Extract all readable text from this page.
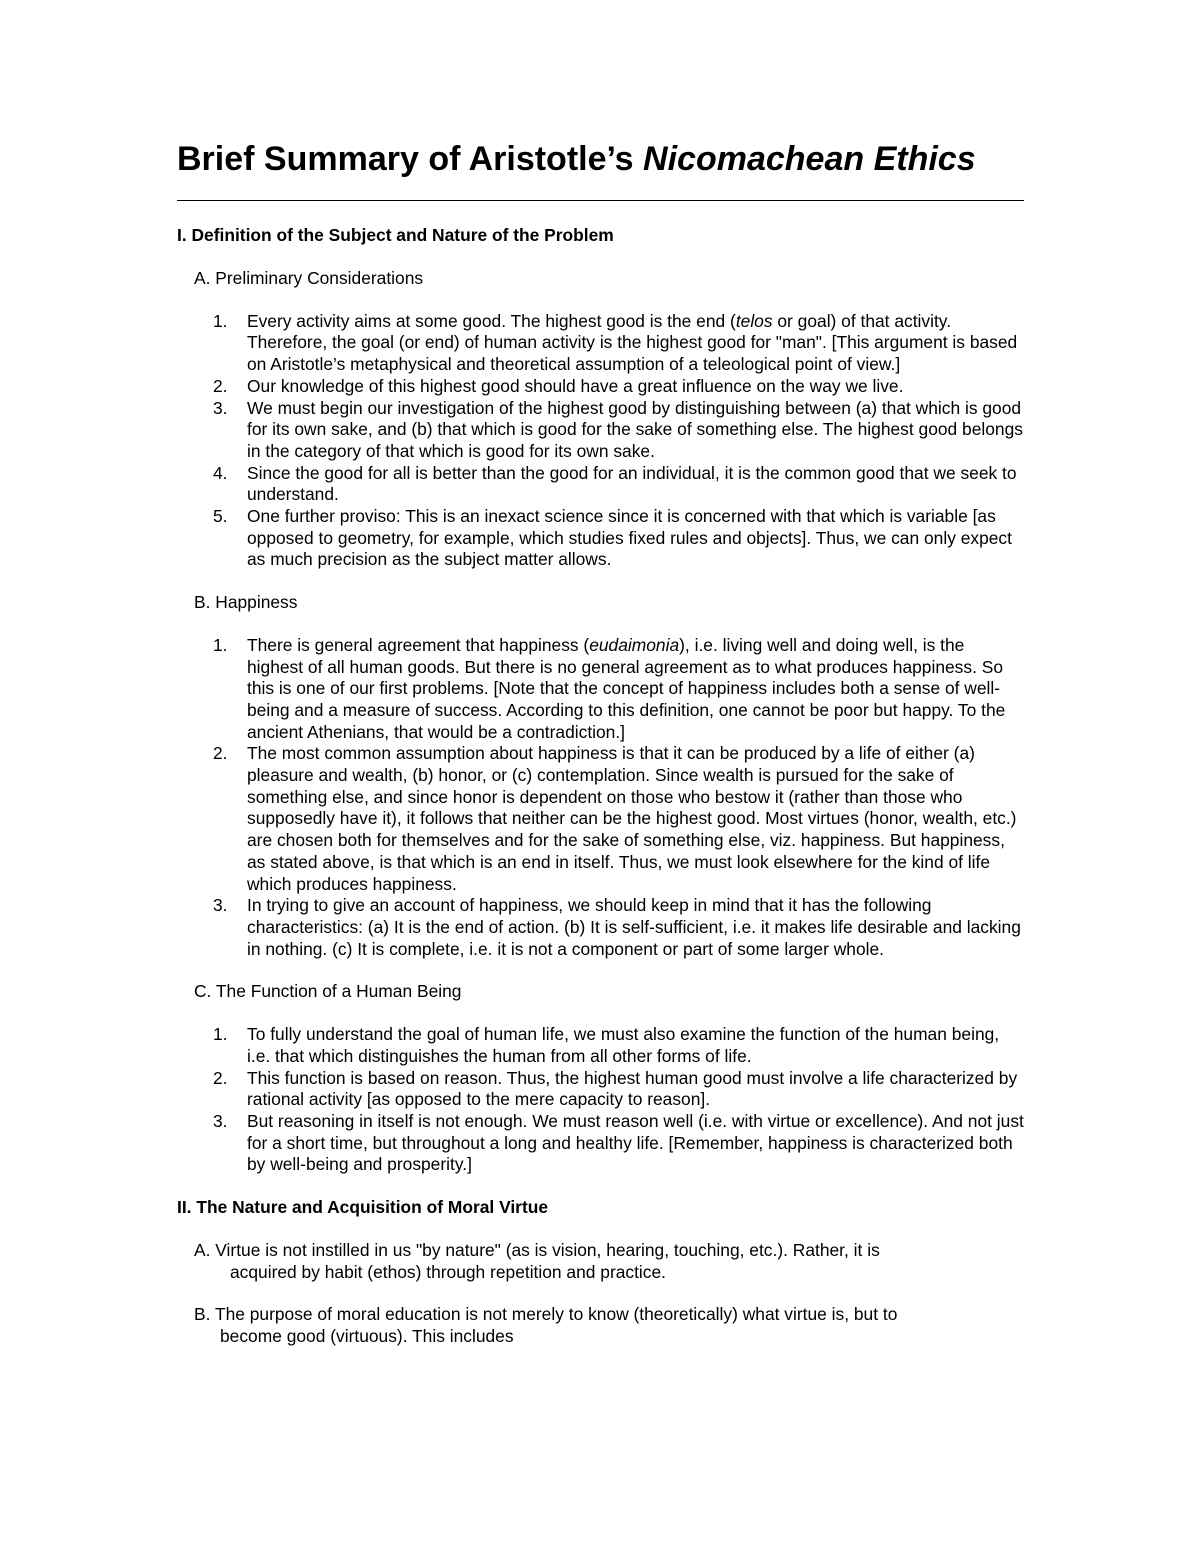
Brief Summary of Aristotle’s Nicomachean Ethics

I. Definition of the Subject and Nature of the Problem

A. Preliminary Considerations

1. Every activity aims at some good. The highest good is the end (telos or goal) of that activity. Therefore, the goal (or end) of human activity is the highest good for "man". [This argument is based on Aristotle’s metaphysical and theoretical assumption of a teleological point of view.]
2. Our knowledge of this highest good should have a great influence on the way we live.
3. We must begin our investigation of the highest good by distinguishing between (a) that which is good for its own sake, and (b) that which is good for the sake of something else. The highest good belongs in the category of that which is good for its own sake.
4. Since the good for all is better than the good for an individual, it is the common good that we seek to understand.
5. One further proviso: This is an inexact science since it is concerned with that which is variable [as opposed to geometry, for example, which studies fixed rules and objects]. Thus, we can only expect as much precision as the subject matter allows.

B. Happiness

1. There is general agreement that happiness (eudaimonia), i.e. living well and doing well, is the highest of all human goods. But there is no general agreement as to what produces happiness. So this is one of our first problems. [Note that the concept of happiness includes both a sense of well-being and a measure of success. According to this definition, one cannot be poor but happy. To the ancient Athenians, that would be a contradiction.]
2. The most common assumption about happiness is that it can be produced by a life of either (a) pleasure and wealth, (b) honor, or (c) contemplation. Since wealth is pursued for the sake of something else, and since honor is dependent on those who bestow it (rather than those who supposedly have it), it follows that neither can be the highest good. Most virtues (honor, wealth, etc.) are chosen both for themselves and for the sake of something else, viz. happiness. But happiness, as stated above, is that which is an end in itself. Thus, we must look elsewhere for the kind of life which produces happiness.
3. In trying to give an account of happiness, we should keep in mind that it has the following characteristics: (a) It is the end of action. (b) It is self-sufficient, i.e. it makes life desirable and lacking in nothing. (c) It is complete, i.e. it is not a component or part of some larger whole.

C. The Function of a Human Being

1. To fully understand the goal of human life, we must also examine the function of the human being, i.e. that which distinguishes the human from all other forms of life.
2. This function is based on reason. Thus, the highest human good must involve a life characterized by rational activity [as opposed to the mere capacity to reason].
3. But reasoning in itself is not enough. We must reason well (i.e. with virtue or excellence). And not just for a short time, but throughout a long and healthy life. [Remember, happiness is characterized both by well-being and prosperity.]

II. The Nature and Acquisition of Moral Virtue

A. Virtue is not instilled in us "by nature" (as is vision, hearing, touching, etc.). Rather, it is
acquired by habit (ethos) through repetition and practice.

B. The purpose of moral education is not merely to know (theoretically) what virtue is, but to
become good (virtuous). This includes
